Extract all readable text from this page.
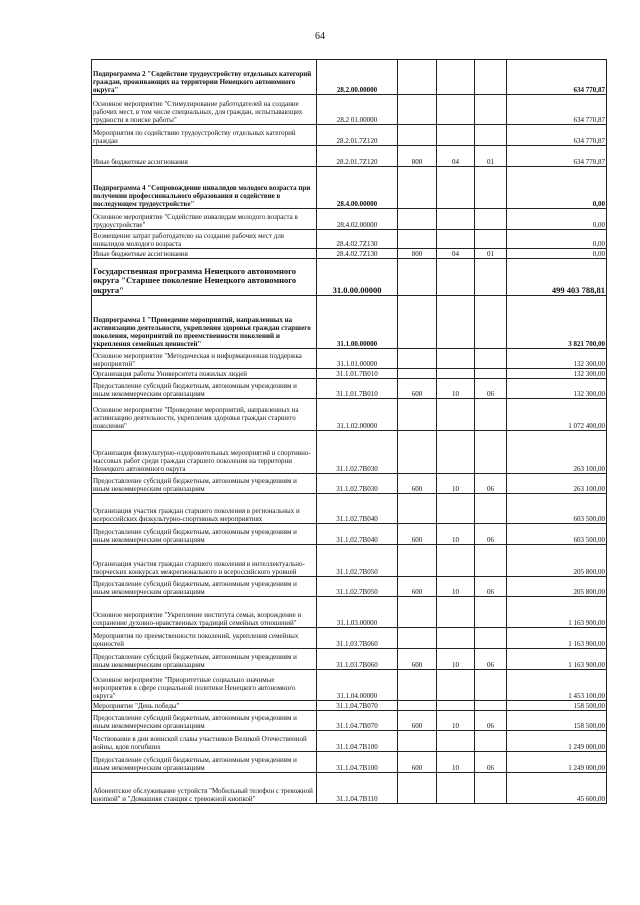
64
Подпрограмма 2 "Содействие трудоустройству отдельных категорий граждан, проживающих на территории Ненецкого автономного округа"	28.2.00.00000				634 770,87
Основное мероприятие "Стимулирование работодателей на создание рабочих мест, в том числе специальных, для граждан, испытывающих трудности в поиске работы"	28.2 01.00000				634 770,87
Мероприятия по содействию трудоустройству отдельных категорий граждан	28.2.01.7Z120				634 770,87
Иные бюджетные ассигнования	28.2.01.7Z120	800	04	01	634 770,87
Подпрограмма 4 "Сопровождение инвалидов молодого возраста при получении профессионального образования и содействие в последующем трудоустройстве"	28.4.00.00000				0,00
Основное мероприятие "Содействие инвалидам молодого возраста в трудоустройстве"	28.4.02.00000				0,00
Возмещение затрат работодателю на создание рабочих мест для инвалидов молодого возраста	28.4.02.7Z130				0,00
Иные бюджетные ассигнования	28.4.02.7Z130	800	04	01	0,00
Государственная программа Ненецкого автономного округа "Старшее поколение Ненецкого автономного округа"	31.0.00.00000				499 403 788,81
Подпрограмма 1 "Проведение мероприятий, направленных на активизацию деятельности, укрепления здоровья граждан старшего поколения, мероприятий по преемственности поколений и укрепления семейных ценностей"	31.1.00.00000				3 821 700,00
Основное мероприятие "Методическая и информационная поддержка мероприятий"	31.1.01.00000				132 300,00
Организация работы Университета пожилых людей	31.1.01.7B010				132 300,00
Предоставление субсидий бюджетным, автономным учреждениям и иным некоммерческим организациям	31.1.01.7B010	600	10	06	132 300,00
Основное мероприятие "Проведение мероприятий, направленных на активизацию деятельности, укрепления здоровья граждан старшего поколения"	31.1.02.00000				1 072 400,00
Организация физкультурно-оздоровительных мероприятий и спортивно-массовых работ среди граждан старшего поколения на территории Ненецкого автономного округа	31.1.02.7B030				263 100,00
Предоставление субсидий бюджетным, автономным учреждениям и иным некоммерческим организациям	31.1.02.7B030	600	10	06	263 100,00
Организация участия граждан старшего поколения в региональных и всероссийских физкультурно-спортивных мероприятиях	31.1.02.7B040				603 500,00
Предоставление субсидий бюджетным, автономным учреждениям и иным некоммерческим организациям	31.1.02.7B040	600	10	06	603 500,00
Организация участия граждан старшего поколения в интеллектуально-творческих конкурсах межрегионального и всероссийского уровней	31.1.02.7B050				205 800,00
Предоставление субсидий бюджетным, автономным учреждениям и иным некоммерческим организациям	31.1.02.7B050	600	10	06	205 800,00
Основное мероприятие "Укрепление института семьи, возрождение и сохранение духовно-нравственных традиций семейных отношений"	31.1.03.00000				1 163 900,00
Мероприятия по преемственности поколений, укрепления семейных ценностей	31.1.03.7B060				1 163 900,00
Предоставление субсидий бюджетным, автономным учреждениям и иным некоммерческим организациям	31.1.03.7B060	600	10	06	1 163 900,00
Основное мероприятие "Приоритетные социально значимые мероприятия в сфере социальной политики Ненецкого автономного округа"	31.1.04.00000				1 453 100,00
Мероприятие "День победы"	31.1.04.7B070				158 500,00
Предоставление субсидий бюджетным, автономным учреждениям и иным некоммерческим организациям	31.1.04.7B070	600	10	06	158 500,00
Чествование в дни воинской славы участников Великой Отечественной войны, вдов погибших	31.1.04.7B100				1 249 000,00
Предоставление субсидий бюджетным, автономным учреждениям и иным некоммерческим организациям	31.1.04.7B100	600	10	06	1 249 000,00
Абонентское обслуживание устройств "Мобильный телефон с тревожной кнопкой" и "Домашняя станция с тревожной кнопкой"	31.1.04.7B110				45 600,00
